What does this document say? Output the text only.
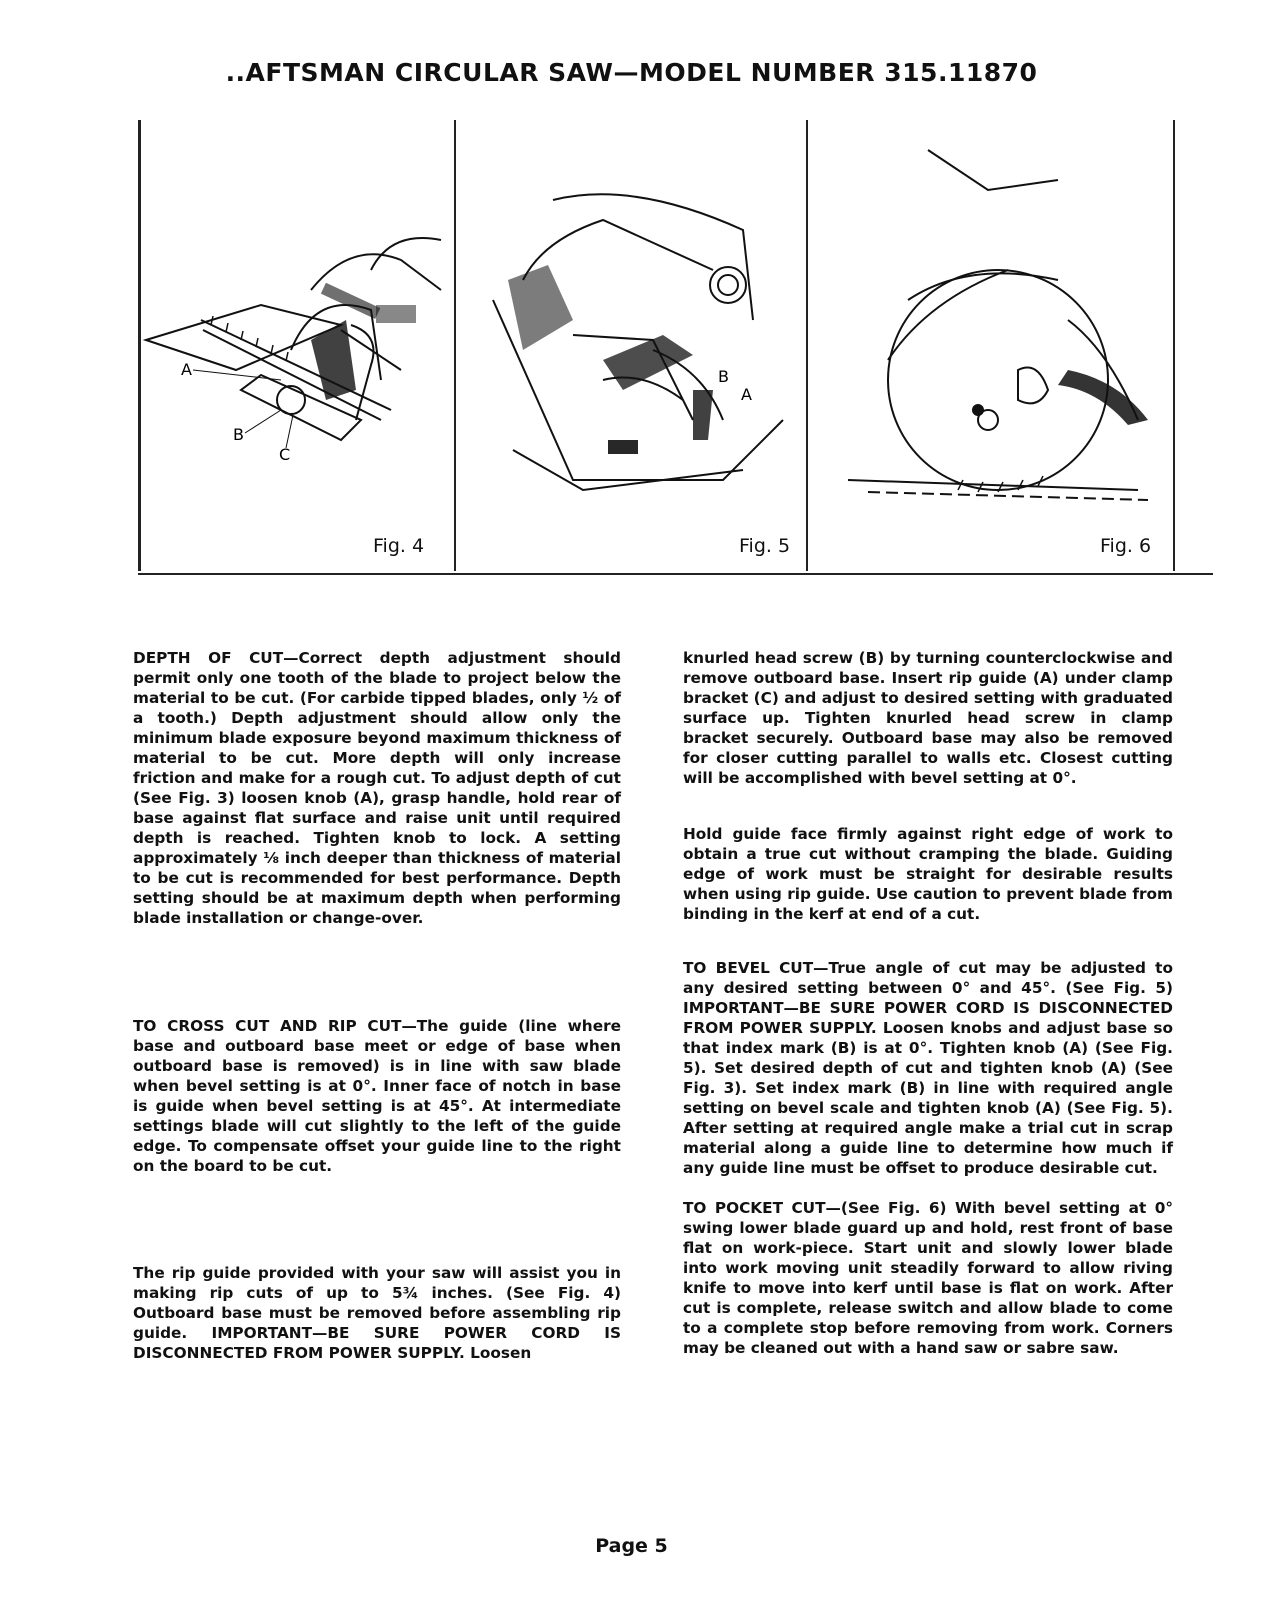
..AFTSMAN CIRCULAR SAW—MODEL NUMBER 315.11870
A
B
C
Fig. 4
B
A
Fig. 5	Fig. 6

DEPTH OF CUT—Correct depth adjustment should permit only one tooth of the blade to project below the material to be cut. (For carbide tipped blades, only ½ of a tooth.) Depth adjustment should allow only the minimum blade exposure beyond maximum thickness of material to be cut. More depth will only increase friction and make for a rough cut. To adjust depth of cut (See Fig. 3) loosen knob (A), grasp handle, hold rear of base against flat surface and raise unit until required depth is reached. Tighten knob to lock. A setting approximately ⅛ inch deeper than thickness of material to be cut is recommended for best performance. Depth setting should be at maximum depth when performing blade installation or change-over.

TO CROSS CUT AND RIP CUT—The guide (line where base and outboard base meet or edge of base when outboard base is removed) is in line with saw blade when bevel setting is at 0°. Inner face of notch in base is guide when bevel setting is at 45°. At intermediate settings blade will cut slightly to the left of the guide edge. To compensate offset your guide line to the right on the board to be cut.

The rip guide provided with your saw will assist you in making rip cuts of up to 5¾ inches. (See Fig. 4) Outboard base must be removed before assembling rip guide. IMPORTANT—BE SURE POWER CORD IS DISCONNECTED FROM POWER SUPPLY. Loosen

knurled head screw (B) by turning counterclockwise and remove outboard base. Insert rip guide (A) under clamp bracket (C) and adjust to desired setting with graduated surface up. Tighten knurled head screw in clamp bracket securely. Outboard base may also be removed for closer cutting parallel to walls etc. Closest cutting will be accomplished with bevel setting at 0°.

Hold guide face firmly against right edge of work to obtain a true cut without cramping the blade. Guiding edge of work must be straight for desirable results when using rip guide. Use caution to prevent blade from binding in the kerf at end of a cut.

TO BEVEL CUT—True angle of cut may be adjusted to any desired setting between 0° and 45°. (See Fig. 5) IMPORTANT—BE SURE POWER CORD IS DISCONNECTED FROM POWER SUPPLY. Loosen knobs and adjust base so that index mark (B) is at 0°. Tighten knob (A) (See Fig. 5). Set desired depth of cut and tighten knob (A) (See Fig. 3). Set index mark (B) in line with required angle setting on bevel scale and tighten knob (A) (See Fig. 5). After setting at required angle make a trial cut in scrap material along a guide line to determine how much if any guide line must be offset to produce desirable cut.

TO POCKET CUT—(See Fig. 6) With bevel setting at 0° swing lower blade guard up and hold, rest front of base flat on work-piece. Start unit and slowly lower blade into work moving unit steadily forward to allow riving knife to move into kerf until base is flat on work. After cut is complete, release switch and allow blade to come to a complete stop before removing from work. Corners may be cleaned out with a hand saw or sabre saw.

Page 5
